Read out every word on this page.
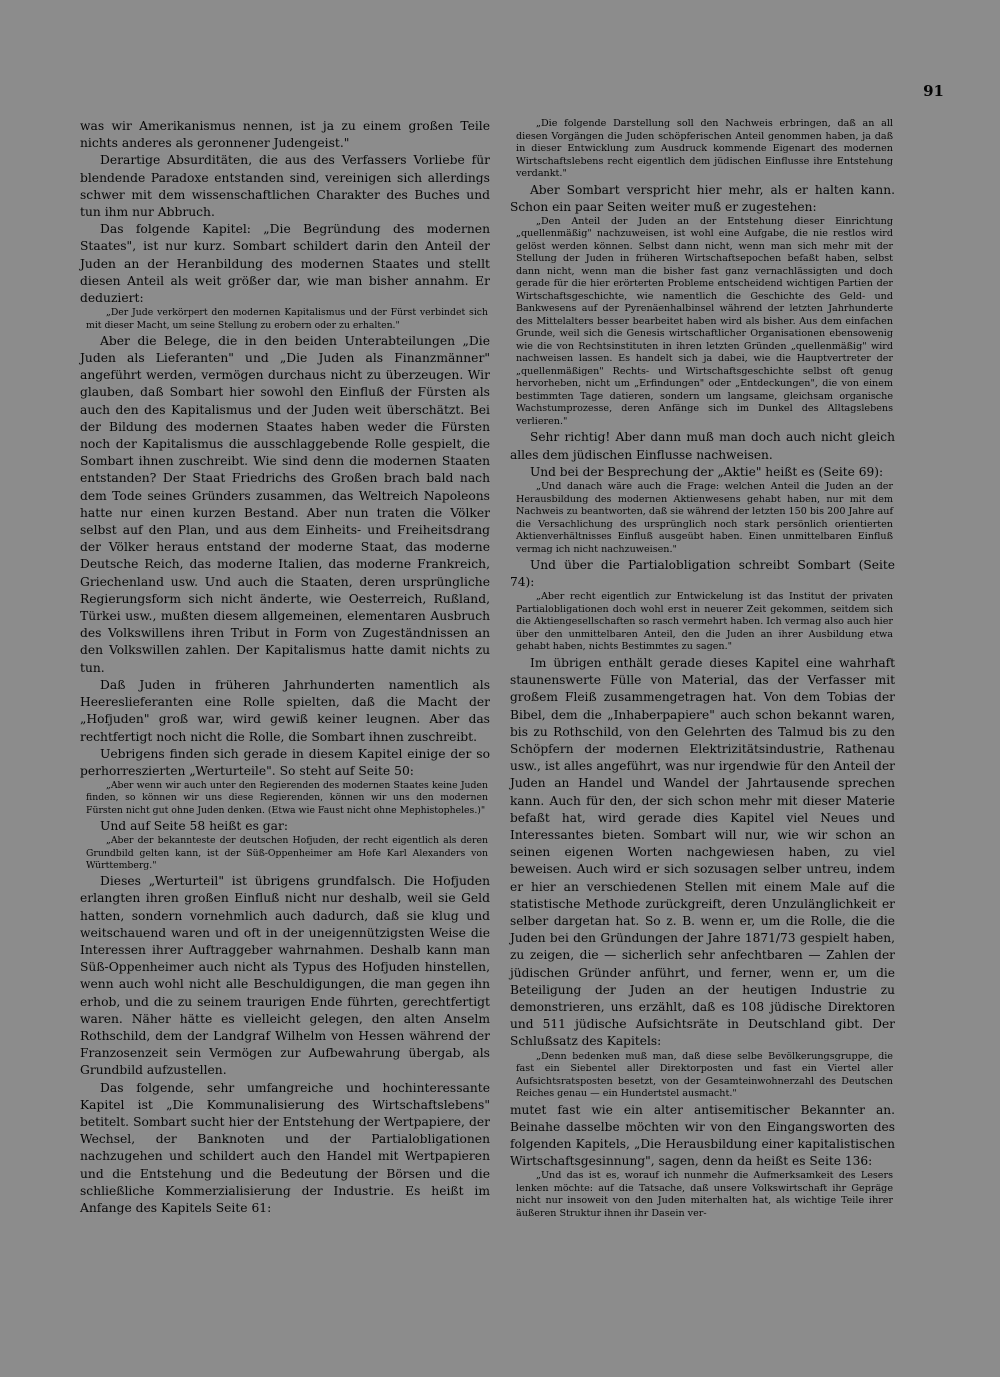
91

was wir Amerikanismus nennen, ist ja zu einem großen Teile nichts anderes als geronnener Judengeist."

Derartige Absurditäten, die aus des Verfassers Vorliebe für blendende Paradoxe entstanden sind, vereinigen sich allerdings schwer mit dem wissenschaftlichen Charakter des Buches und tun ihm nur Abbruch.

Das folgende Kapitel: „Die Begründung des modernen Staates", ist nur kurz. Sombart schildert darin den Anteil der Juden an der Heranbildung des modernen Staates und stellt diesen Anteil als weit größer dar, wie man bisher annahm. Er deduziert:

„Der Jude verkörpert den modernen Kapitalismus und der Fürst verbindet sich mit dieser Macht, um seine Stellung zu erobern oder zu erhalten."

Aber die Belege, die in den beiden Unterabteilungen „Die Juden als Lieferanten" und „Die Juden als Finanzmänner" angeführt werden, vermögen durchaus nicht zu überzeugen. Wir glauben, daß Sombart hier sowohl den Einfluß der Fürsten als auch den des Kapitalismus und der Juden weit überschätzt. Bei der Bildung des modernen Staates haben weder die Fürsten noch der Kapitalismus die ausschlaggebende Rolle gespielt, die Sombart ihnen zuschreibt. Wie sind denn die modernen Staaten entstanden? Der Staat Friedrichs des Großen brach bald nach dem Tode seines Gründers zusammen, das Weltreich Napoleons hatte nur einen kurzen Bestand. Aber nun traten die Völker selbst auf den Plan, und aus dem Einheits- und Freiheitsdrang der Völker heraus entstand der moderne Staat, das moderne Deutsche Reich, das moderne Italien, das moderne Frankreich, Griechenland usw. Und auch die Staaten, deren ursprüngliche Regierungsform sich nicht änderte, wie Oesterreich, Rußland, Türkei usw., mußten diesem allgemeinen, elementaren Ausbruch des Volkswillens ihren Tribut in Form von Zugeständnissen an den Volkswillen zahlen. Der Kapitalismus hatte damit nichts zu tun.

Daß Juden in früheren Jahrhunderten namentlich als Heereslieferanten eine Rolle spielten, daß die Macht der „Hofjuden" groß war, wird gewiß keiner leugnen. Aber das rechtfertigt noch nicht die Rolle, die Sombart ihnen zuschreibt.

Uebrigens finden sich gerade in diesem Kapitel einige der so perhorreszierten „Werturteile". So steht auf Seite 50:

„Aber wenn wir auch unter den Regierenden des modernen Staates keine Juden finden, so können wir uns diese Regierenden, können wir uns den modernen Fürsten nicht gut ohne Juden denken. (Etwa wie Faust nicht ohne Mephistopheles.)"

Und auf Seite 58 heißt es gar:

„Aber der bekannteste der deutschen Hofjuden, der recht eigentlich als deren Grundbild gelten kann, ist der Süß-Oppenheimer am Hofe Karl Alexanders von Württemberg."

Dieses „Werturteil" ist übrigens grundfalsch. Die Hofjuden erlangten ihren großen Einfluß nicht nur deshalb, weil sie Geld hatten, sondern vornehmlich auch dadurch, daß sie klug und weitschauend waren und oft in der uneigennützigsten Weise die Interessen ihrer Auftraggeber wahrnahmen. Deshalb kann man Süß-Oppenheimer auch nicht als Typus des Hofjuden hinstellen, wenn auch wohl nicht alle Beschuldigungen, die man gegen ihn erhob, und die zu seinem traurigen Ende führten, gerechtfertigt waren. Näher hätte es vielleicht gelegen, den alten Anselm Rothschild, dem der Landgraf Wilhelm von Hessen während der Franzosenzeit sein Vermögen zur Aufbewahrung übergab, als Grundbild aufzustellen.

Das folgende, sehr umfangreiche und hochinteressante Kapitel ist „Die Kommunalisierung des Wirtschaftslebens" betitelt. Sombart sucht hier der Entstehung der Wertpapiere, der Wechsel, der Banknoten und der Partialobligationen nachzugehen und schildert auch den Handel mit Wertpapieren und die Entstehung und die Bedeutung der Börsen und die schließliche Kommerzialisierung der Industrie. Es heißt im Anfange des Kapitels Seite 61:

„Die folgende Darstellung soll den Nachweis erbringen, daß an all diesen Vorgängen die Juden schöpferischen Anteil genommen haben, ja daß in dieser Entwicklung zum Ausdruck kommende Eigenart des modernen Wirtschaftslebens recht eigentlich dem jüdischen Einflusse ihre Entstehung verdankt."

Aber Sombart verspricht hier mehr, als er halten kann. Schon ein paar Seiten weiter muß er zugestehen:

„Den Anteil der Juden an der Entstehung dieser Einrichtung „quellenmäßig" nachzuweisen, ist wohl eine Aufgabe, die nie restlos wird gelöst werden können. Selbst dann nicht, wenn man sich mehr mit der Stellung der Juden in früheren Wirtschaftsepochen befaßt haben, selbst dann nicht, wenn man die bisher fast ganz vernachlässigten und doch gerade für die hier erörterten Probleme entscheidend wichtigen Partien der Wirtschaftsgeschichte, wie namentlich die Geschichte des Geld- und Bankwesens auf der Pyrenäenhalbinsel während der letzten Jahrhunderte des Mittelalters besser bearbeitet haben wird als bisher. Aus dem einfachen Grunde, weil sich die Genesis wirtschaftlicher Organisationen ebensowenig wie die von Rechtsinstituten in ihren letzten Gründen „quellenmäßig" wird nachweisen lassen. Es handelt sich ja dabei, wie die Hauptvertreter der „quellenmäßigen" Rechts- und Wirtschaftsgeschichte selbst oft genug hervorheben, nicht um „Erfindungen" oder „Entdeckungen", die von einem bestimmten Tage datieren, sondern um langsame, gleichsam organische Wachstumprozesse, deren Anfänge sich im Dunkel des Alltagslebens verlieren."

Sehr richtig! Aber dann muß man doch auch nicht gleich alles dem jüdischen Einflusse nachweisen.

Und bei der Besprechung der „Aktie" heißt es (Seite 69):

„Und danach wäre auch die Frage: welchen Anteil die Juden an der Herausbildung des modernen Aktienwesens gehabt haben, nur mit dem Nachweis zu beantworten, daß sie während der letzten 150 bis 200 Jahre auf die Versachlichung des ursprünglich noch stark persönlich orientierten Aktienverhältnisses Einfluß ausgeübt haben. Einen unmittelbaren Einfluß vermag ich nicht nachzuweisen."

Und über die Partialobligation schreibt Sombart (Seite 74):

„Aber recht eigentlich zur Entwickelung ist das Institut der privaten Partialobligationen doch wohl erst in neuerer Zeit gekommen, seitdem sich die Aktiengesellschaften so rasch vermehrt haben. Ich vermag also auch hier über den unmittelbaren Anteil, den die Juden an ihrer Ausbildung etwa gehabt haben, nichts Bestimmtes zu sagen."

Im übrigen enthält gerade dieses Kapitel eine wahrhaft staunenswerte Fülle von Material, das der Verfasser mit großem Fleiß zusammengetragen hat. Von dem Tobias der Bibel, dem die „Inhaberpapiere" auch schon bekannt waren, bis zu Rothschild, von den Gelehrten des Talmud bis zu den Schöpfern der modernen Elektrizitätsindustrie, Rathenau usw., ist alles angeführt, was nur irgendwie für den Anteil der Juden an Handel und Wandel der Jahrtausende sprechen kann. Auch für den, der sich schon mehr mit dieser Materie befaßt hat, wird gerade dies Kapitel viel Neues und Interessantes bieten. Sombart will nur, wie wir schon an seinen eigenen Worten nachgewiesen haben, zu viel beweisen. Auch wird er sich sozusagen selber untreu, indem er hier an verschiedenen Stellen mit einem Male auf die statistische Methode zurückgreift, deren Unzulänglichkeit er selber dargetan hat. So z. B. wenn er, um die Rolle, die die Juden bei den Gründungen der Jahre 1871/73 gespielt haben, zu zeigen, die — sicherlich sehr anfechtbaren — Zahlen der jüdischen Gründer anführt, und ferner, wenn er, um die Beteiligung der Juden an der heutigen Industrie zu demonstrieren, uns erzählt, daß es 108 jüdische Direktoren und 511 jüdische Aufsichtsräte in Deutschland gibt. Der Schlußsatz des Kapitels:

„Denn bedenken muß man, daß diese selbe Bevölkerungsgruppe, die fast ein Siebentel aller Direktorposten und fast ein Viertel aller Aufsichtsratsposten besetzt, von der Gesamteinwohnerzahl des Deutschen Reiches genau — ein Hundertstel ausmacht."

mutet fast wie ein alter antisemitischer Bekannter an. Beinahe dasselbe möchten wir von den Eingangsworten des folgenden Kapitels, „Die Herausbildung einer kapitalistischen Wirtschaftsgesinnung", sagen, denn da heißt es Seite 136:

„Und das ist es, worauf ich nunmehr die Aufmerksamkeit des Lesers lenken möchte: auf die Tatsache, daß unsere Volkswirtschaft ihr Gepräge nicht nur insoweit von den Juden miterhalten hat, als wichtige Teile ihrer äußeren Struktur ihnen ihr Dasein ver-
